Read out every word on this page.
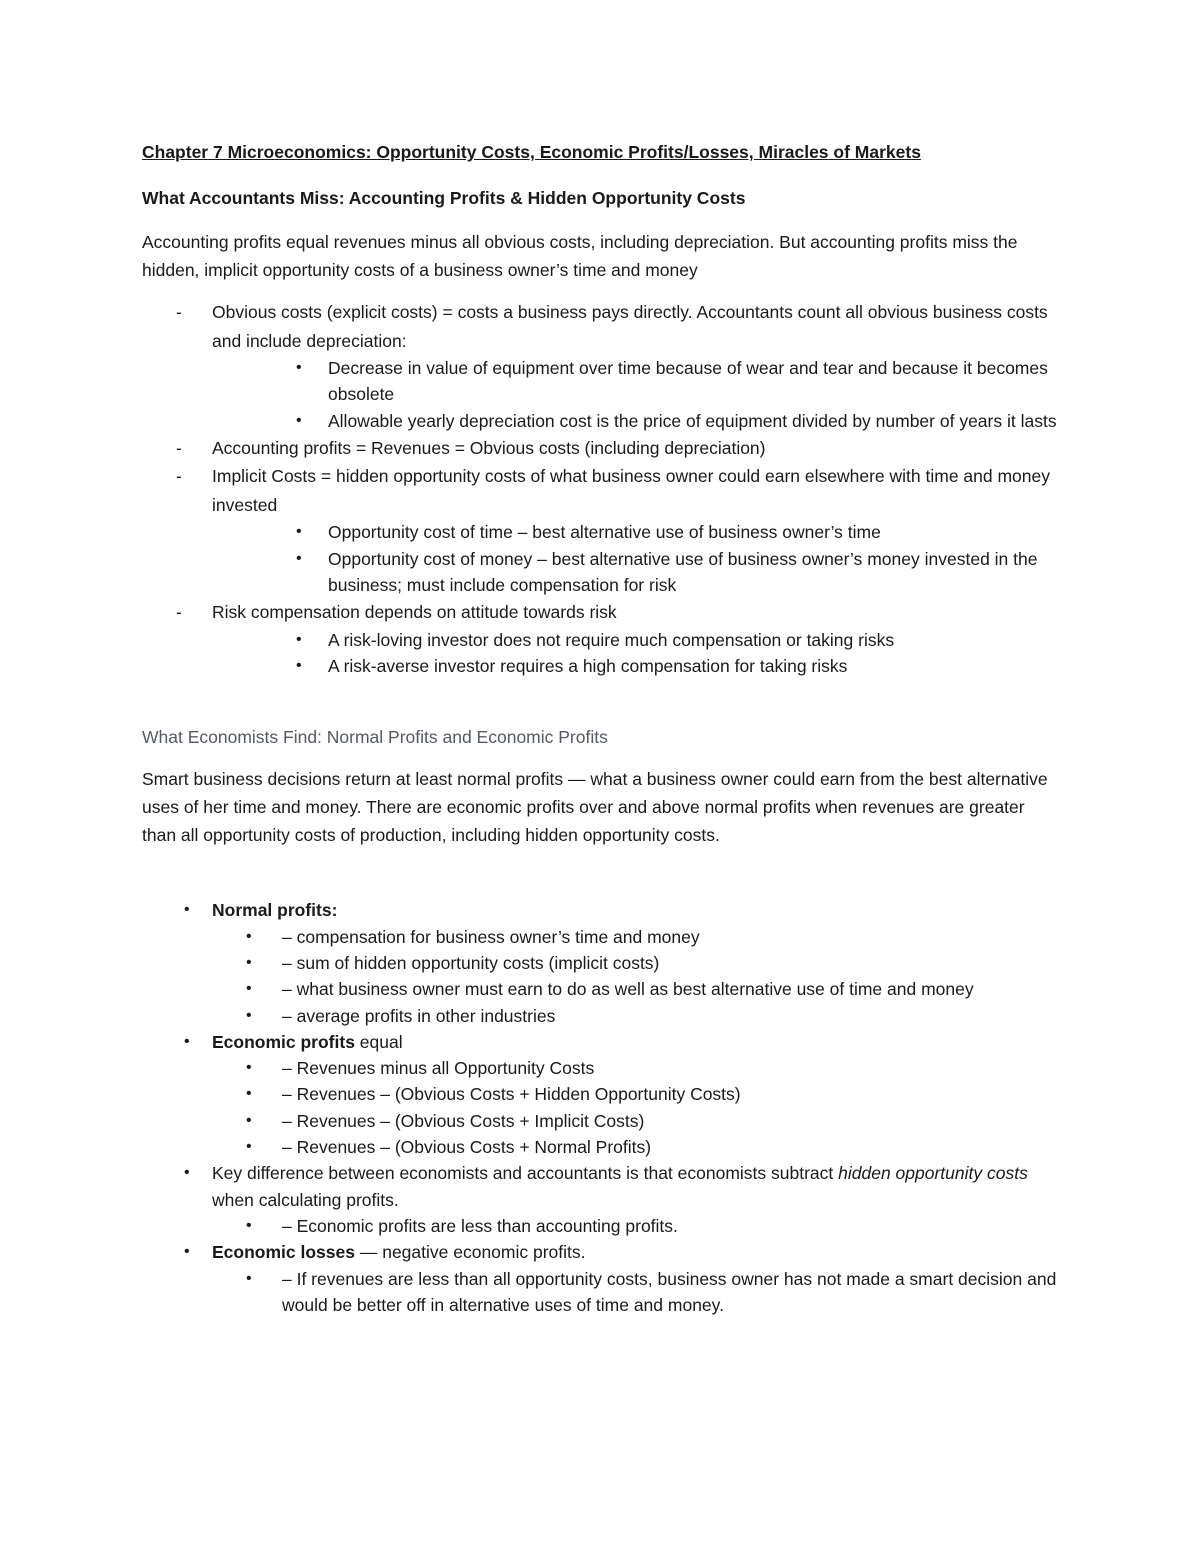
Chapter 7 Microeconomics: Opportunity Costs, Economic Profits/Losses, Miracles of Markets
What Accountants Miss: Accounting Profits & Hidden Opportunity Costs
Accounting profits equal revenues minus all obvious costs, including depreciation. But accounting profits miss the hidden, implicit opportunity costs of a business owner’s time and money
- Obvious costs (explicit costs) = costs a business pays directly. Accountants count all obvious business costs and include depreciation:
• Decrease in value of equipment over time because of wear and tear and because it becomes obsolete
• Allowable yearly depreciation cost is the price of equipment divided by number of years it lasts
- Accounting profits = Revenues = Obvious costs (including depreciation)
- Implicit Costs = hidden opportunity costs of what business owner could earn elsewhere with time and money invested
• Opportunity cost of time – best alternative use of business owner’s time
• Opportunity cost of money – best alternative use of business owner’s money invested in the business; must include compensation for risk
- Risk compensation depends on attitude towards risk
• A risk-loving investor does not require much compensation or taking risks
• A risk-averse investor requires a high compensation for taking risks
What Economists Find: Normal Profits and Economic Profits
Smart business decisions return at least normal profits — what a business owner could earn from the best alternative uses of her time and money. There are economic profits over and above normal profits when revenues are greater than all opportunity costs of production, including hidden opportunity costs.
• Normal profits:
• – compensation for business owner’s time and money
• – sum of hidden opportunity costs (implicit costs)
• – what business owner must earn to do as well as best alternative use of time and money
• – average profits in other industries
• Economic profits equal
• – Revenues minus all Opportunity Costs
• – Revenues – (Obvious Costs + Hidden Opportunity Costs)
• – Revenues – (Obvious Costs + Implicit Costs)
• – Revenues – (Obvious Costs + Normal Profits)
• Key difference between economists and accountants is that economists subtract hidden opportunity costs when calculating profits.
• – Economic profits are less than accounting profits.
• Economic losses — negative economic profits.
• – If revenues are less than all opportunity costs, business owner has not made a smart decision and would be better off in alternative uses of time and money.
